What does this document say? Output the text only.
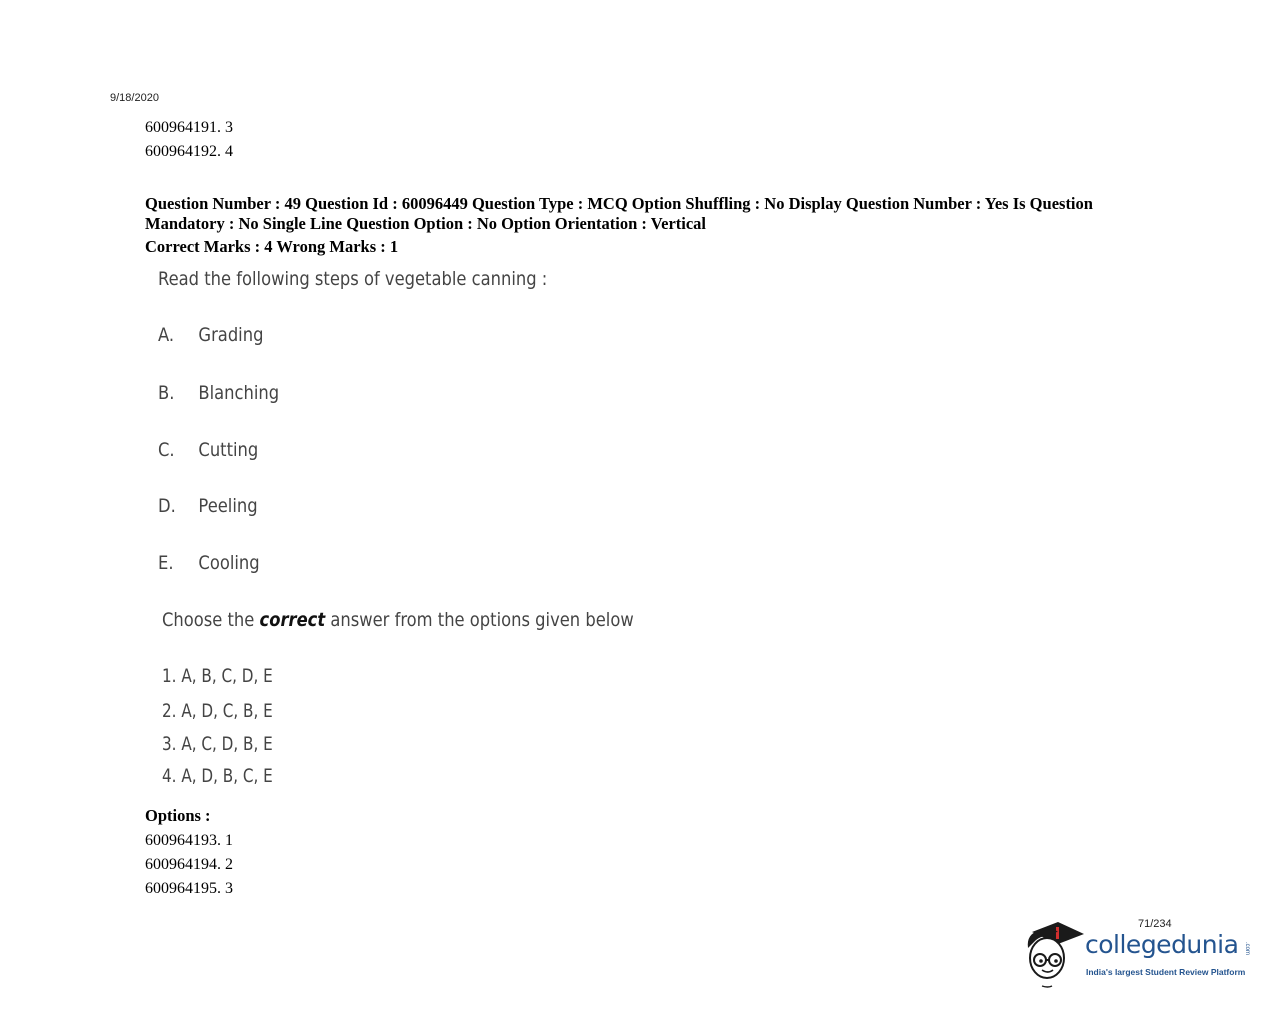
9/18/2020
600964191. 3
600964192. 4
Question Number : 49 Question Id : 60096449 Question Type : MCQ Option Shuffling : No Display Question Number : Yes Is Question Mandatory : No Single Line Question Option : No Option Orientation : Vertical
Correct Marks : 4 Wrong Marks : 1
Read the following steps of vegetable canning :
A.	Grading
B.	Blanching
C.	Cutting
D.	Peeling
E.	Cooling
Choose the correct answer from the options given below
1. A, B, C, D, E
2. A, D, C, B, E
3. A, C, D, B, E
4. A, D, B, C, E
Options :
600964193. 1
600964194. 2
600964195. 3
71/234
collegedunia .com
India's largest Student Review Platform
